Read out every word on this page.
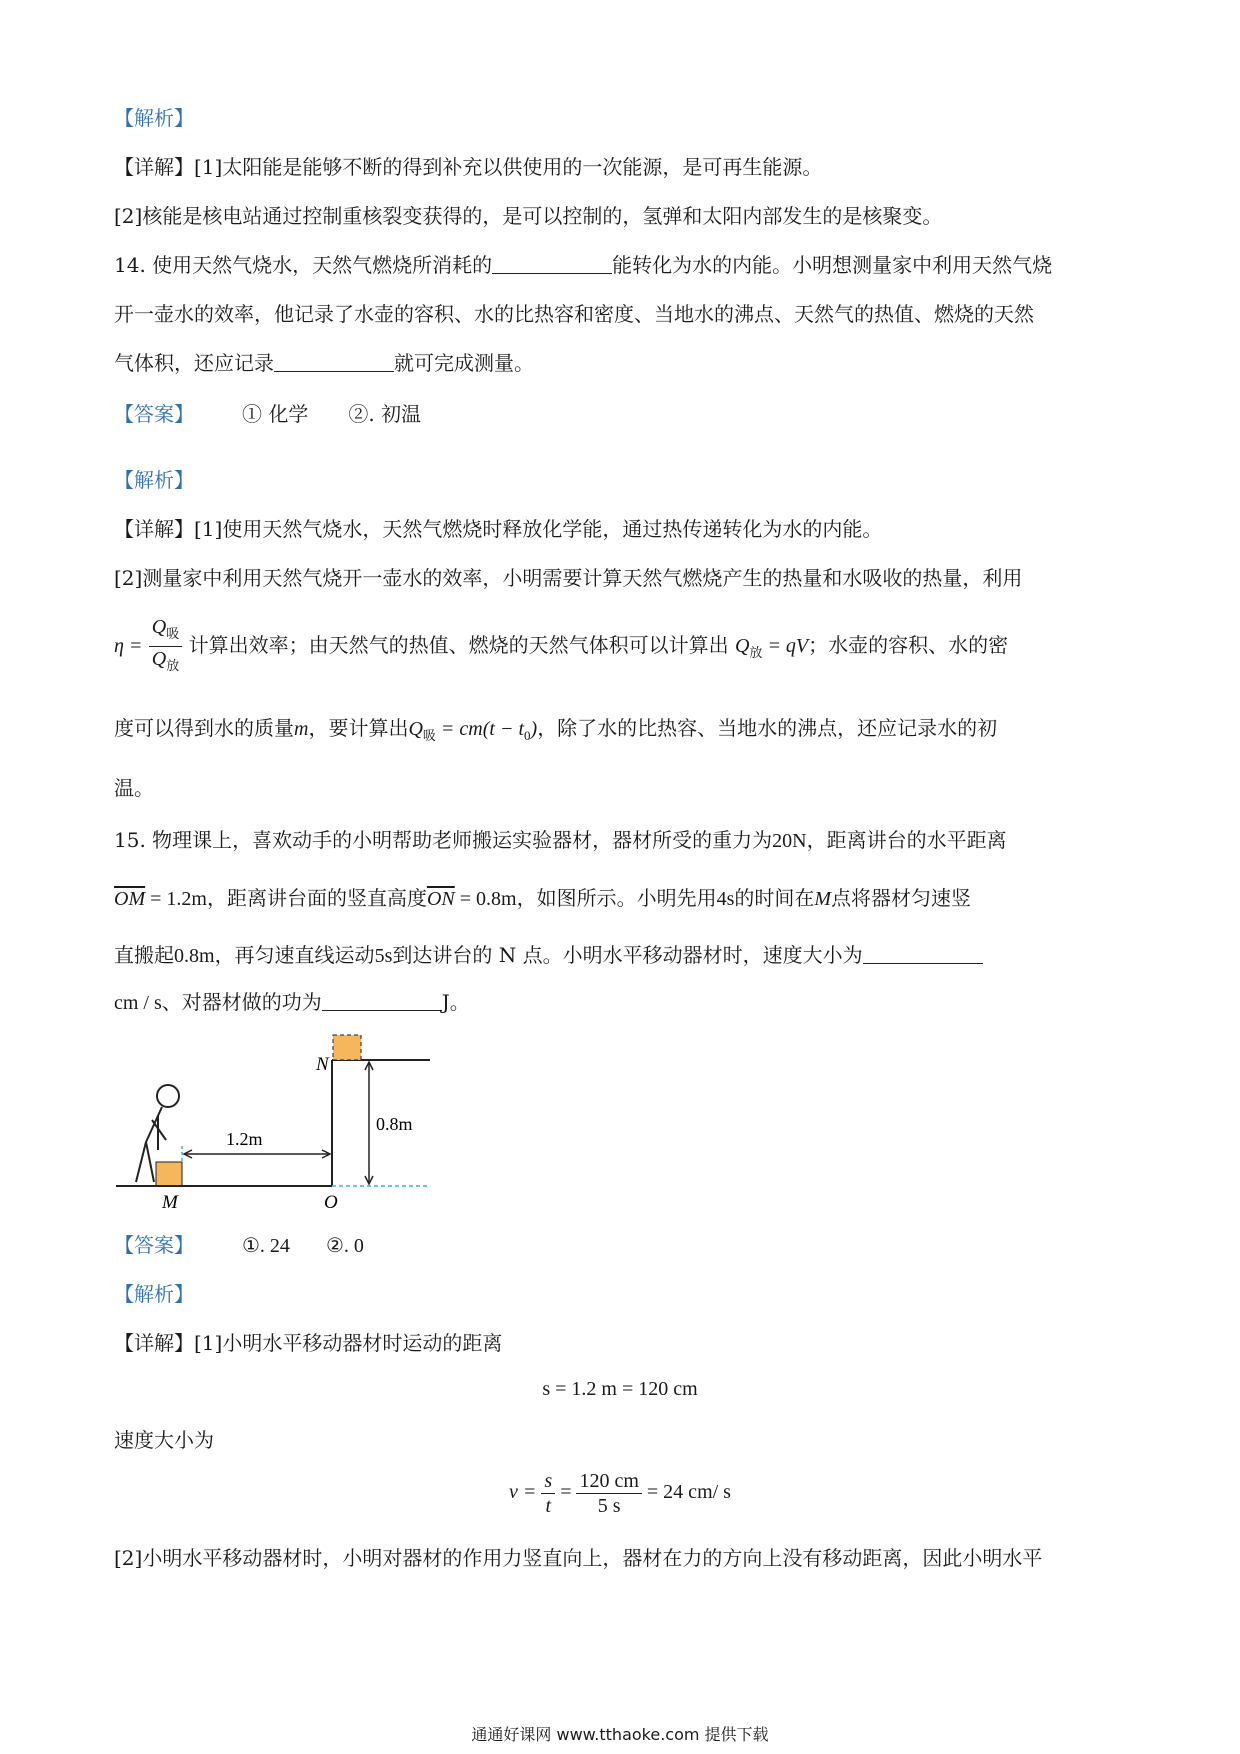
【解析】
【详解】[1]太阳能是能够不断的得到补充以供使用的一次能源，是可再生能源。
[2]核能是核电站通过控制重核裂变获得的，是可以控制的，氢弹和太阳内部发生的是核聚变。
14. 使用天然气烧水，天然气燃烧所消耗的	能转化为水的内能。小明想测量家中利用天然气烧
开一壶水的效率，他记录了水壶的容积、水的比热容和密度、当地水的沸点、天然气的热值、燃烧的天然
气体积，还应记录	就可完成测量。
【答案】 ① 化学 ②. 初温
【解析】
【详解】[1]使用天然气烧水，天然气燃烧时释放化学能，通过热传递转化为水的内能。
[2]测量家中利用天然气烧开一壶水的效率，小明需要计算天然气燃烧产生的热量和水吸收的热量，利用
$\eta = \frac{Q_吸}{Q_放}$ 计算出效率；由天然气的热值、燃烧的天然气体积可以计算出 $Q_放$ = qV；水壶的容积、水的密
度可以得到水的质量m，要计算出$Q_吸 = cm(t - t_0)$，除了水的比热容、当地水的沸点，还应记录水的初
温。
15. 物理课上，喜欢动手的小明帮助老师搬运实验器材，器材所受的重力为20N，距离讲台的水平距离
$\overline{OM} = 1.2m$，距离讲台面的竖直高度$\overline{ON} = 0.8m$，如图所示。小明先用4s的时间在M点将器材匀速竖
直搬起0.8m，再匀速直线运动5s到达讲台的 N 点。小明水平移动器材时，速度大小为
cm / s、对器材做的功为	J。
1.2m
0.8m
N
M	O
【答案】 ①. 24 ②. 0
【解析】
【详解】[1]小明水平移动器材时运动的距离
s = 1.2 m = 120 cm
速度大小为
$v = \frac{s}{t} = \frac{120 cm}{5 s} = 24$ cm/ s
[2]小明水平移动器材时，小明对器材的作用力竖直向上，器材在力的方向上没有移动距离，因此小明水平
通通好课网 www.tthaoke.com 提供下载
